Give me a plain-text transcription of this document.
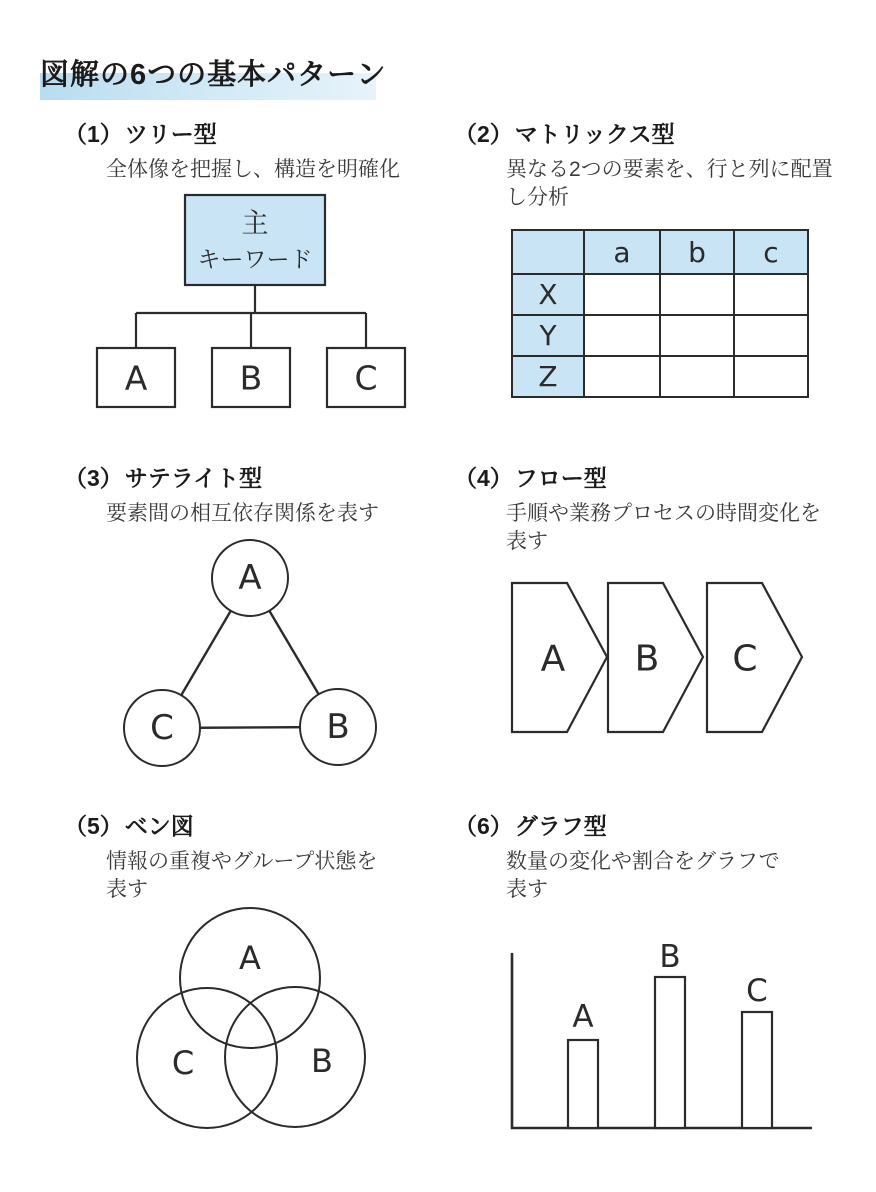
図解の6つの基本パターン
（1）ツリー型
全体像を把握し、構造を明確化
主
キーワード
A	B	C
（2）マトリックス型
異なる2つの要素を、行と列に配置
し分析
	a	b	c
X			
Y			
Z			
（3）サテライト型
要素間の相互依存関係を表す
A
C	B
（4）フロー型
手順や業務プロセスの時間変化を
表す
A B C
（5）ベン図
情報の重複やグループ状態を
表す
A
C	B
（6）グラフ型
数量の変化や割合をグラフで
表す
A
B
C
